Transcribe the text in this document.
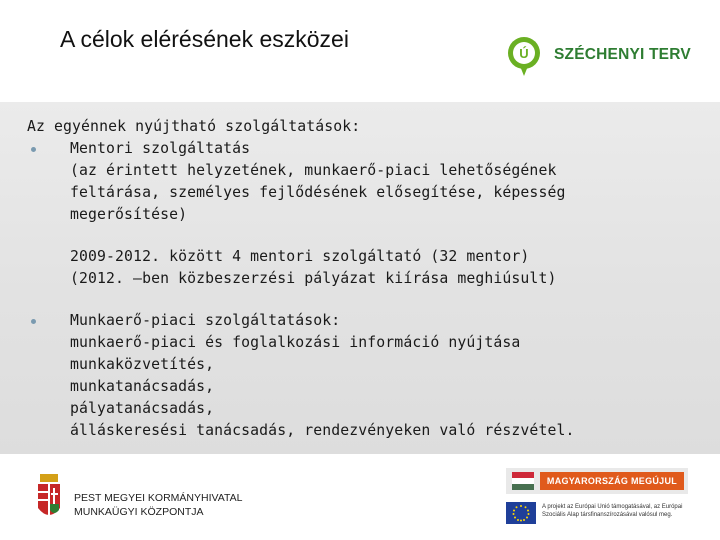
A célok elérésének eszközei
Ú SZÉCHENYI TERV
Az egyénnek nyújtható szolgáltatások:
Mentori szolgáltatás
(az érintett helyzetének, munkaerő-piaci lehetőségének
feltárása, személyes fejlődésének elősegítése, képesség
megerősítése)
2009-2012. között 4 mentori szolgáltató (32 mentor)
(2012. –ben közbeszerzési pályázat kiírása meghiúsult)
Munkaerő-piaci szolgáltatások:
munkaerő-piaci és foglalkozási információ nyújtása
munkaközvetítés,
munkatanácsadás,
pályatanácsadás,
álláskeresési tanácsadás, rendezvényeken való részvétel.
PEST MEGYEI KORMÁNYHIVATAL
MUNKAÜGYI KÖZPONTJA
MAGYARORSZÁG MEGÚJUL
A projekt az Európai Unió támogatásával, az Európai Szociális Alap társfinanszírozásával valósul meg.
